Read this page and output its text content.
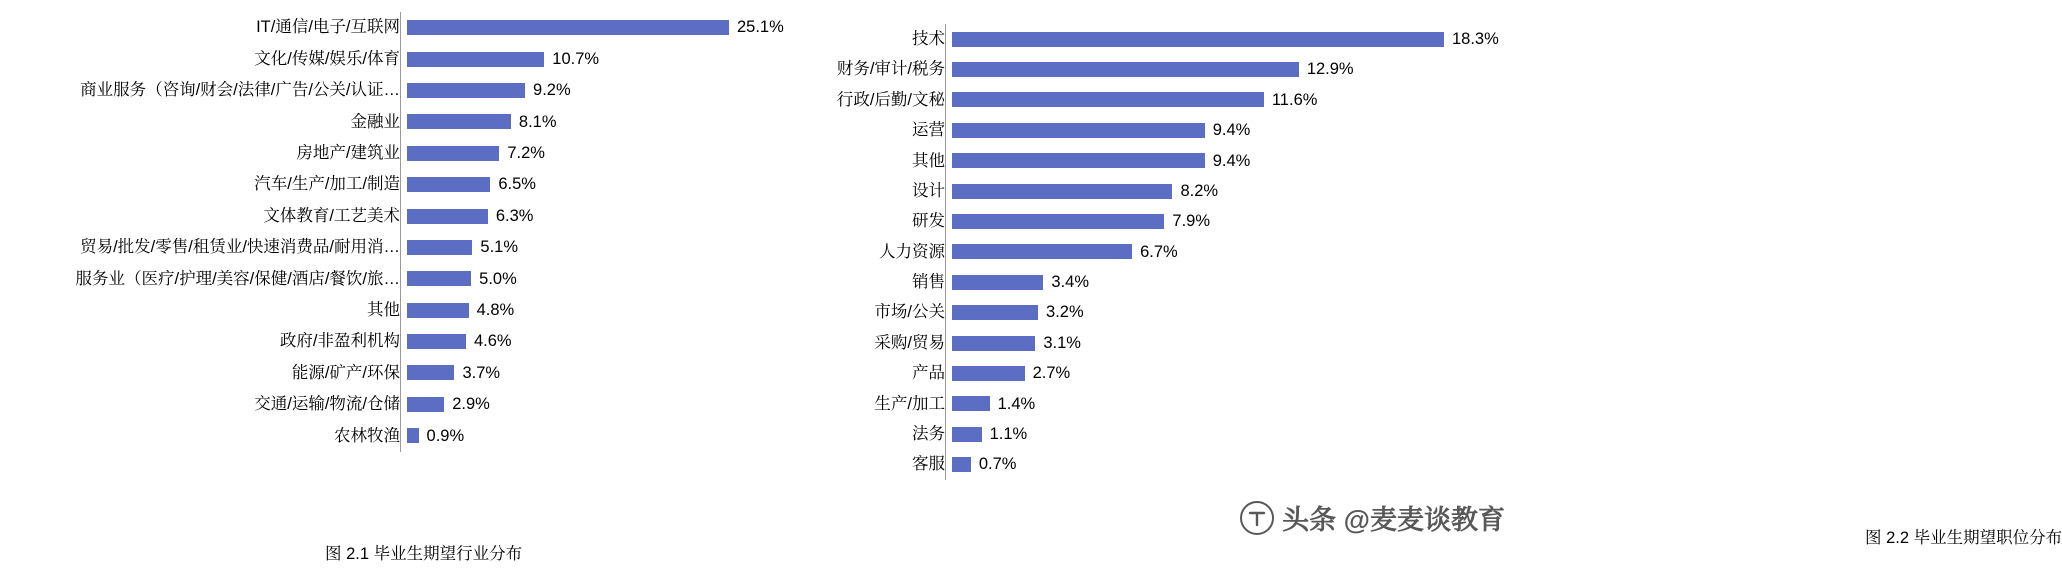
IT/通信/电子/互联网	25.1%
文化/传媒/娱乐/体育	10.7%
商业服务（咨询/财会/法律/广告/公关/认证…	9.2%
金融业	8.1%
房地产/建筑业	7.2%
汽车/生产/加工/制造	6.5%
文体教育/工艺美术	6.3%
贸易/批发/零售/租赁业/快速消费品/耐用消…	5.1%
服务业（医疗/护理/美容/保健/酒店/餐饮/旅…	5.0%
其他	4.8%
政府/非盈利机构	4.6%
能源/矿产/环保	3.7%
交通/运输/物流/仓储	2.9%
农林牧渔	0.9%
图 2.1 毕业生期望行业分布
技术	18.3%
财务/审计/税务	12.9%
行政/后勤/文秘	11.6%
运营	9.4%
其他	9.4%
设计	8.2%
研发	7.9%
人力资源	6.7%
销售	3.4%
市场/公关	3.2%
采购/贸易	3.1%
产品	2.7%
生产/加工	1.4%
法务	1.1%
客服	0.7%
图 2.2 毕业生期望职位分布
头条 @麦麦谈教育
